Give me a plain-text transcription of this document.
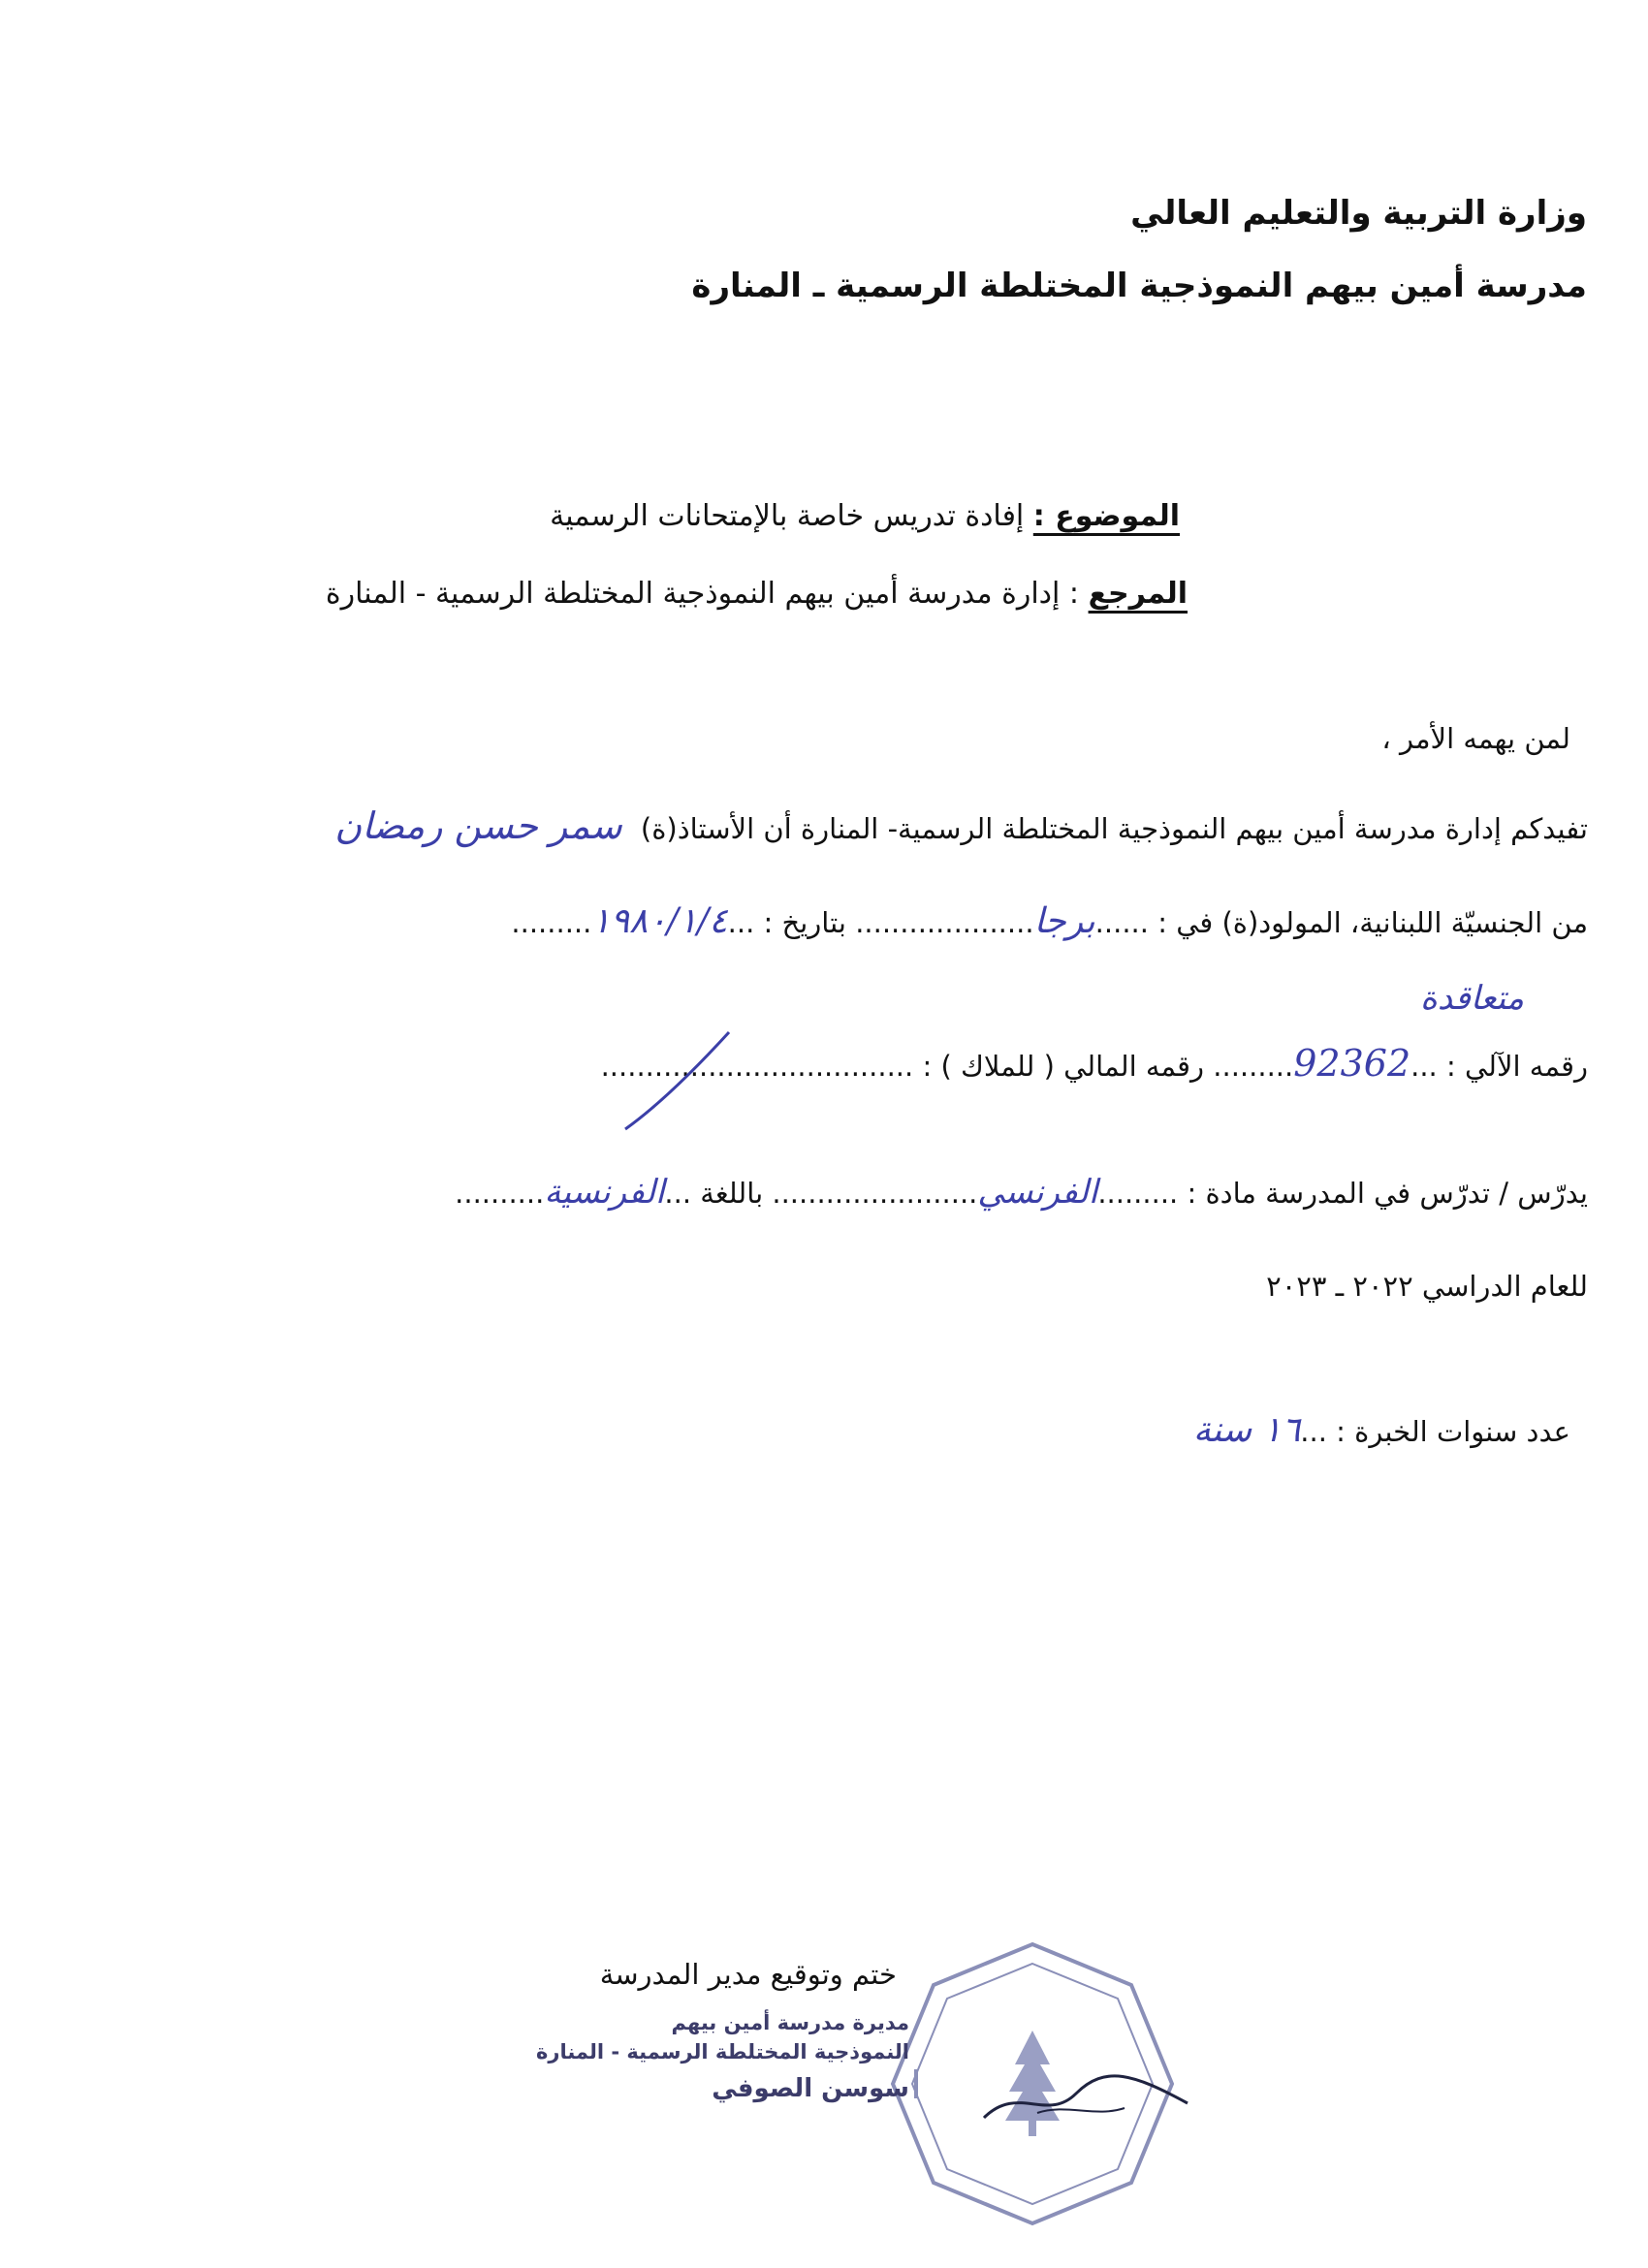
وزارة التربية والتعليم العالي
مدرسة أمين بيهم النموذجية المختلطة الرسمية ـ المنارة
الموضوع : إفادة تدريس خاصة بالإمتحانات الرسمية
المرجع : إدارة مدرسة أمين بيهم النموذجية المختلطة الرسمية - المنارة
لمن يهمه الأمر ،
تفيدكم إدارة مدرسة أمين بيهم النموذجية المختلطة الرسمية- المنارة أن الأستاذ(ة) سمر حسن رمضان
من الجنسيّة اللبنانية، المولود(ة) في : ......برجا.................... بتاريخ : ...١٩٨٠/١/٤.........
متعاقدة
رقمه الآلي : ...92362......... رقمه المالي ( للملاك ) : ...................................
يدرّس / تدرّس في المدرسة مادة : .........الفرنسي....................... باللغة ...الفرنسية..........
للعام الدراسي ٢٠٢٢ ـ ٢٠٢٣
عدد سنوات الخبرة : ...١٦ سنة
ختم وتوقيع مدير المدرسة
مديرة مدرسة أمين بيهم
النموذجية المختلطة الرسمية - المنارة
سوسن الصوفي
